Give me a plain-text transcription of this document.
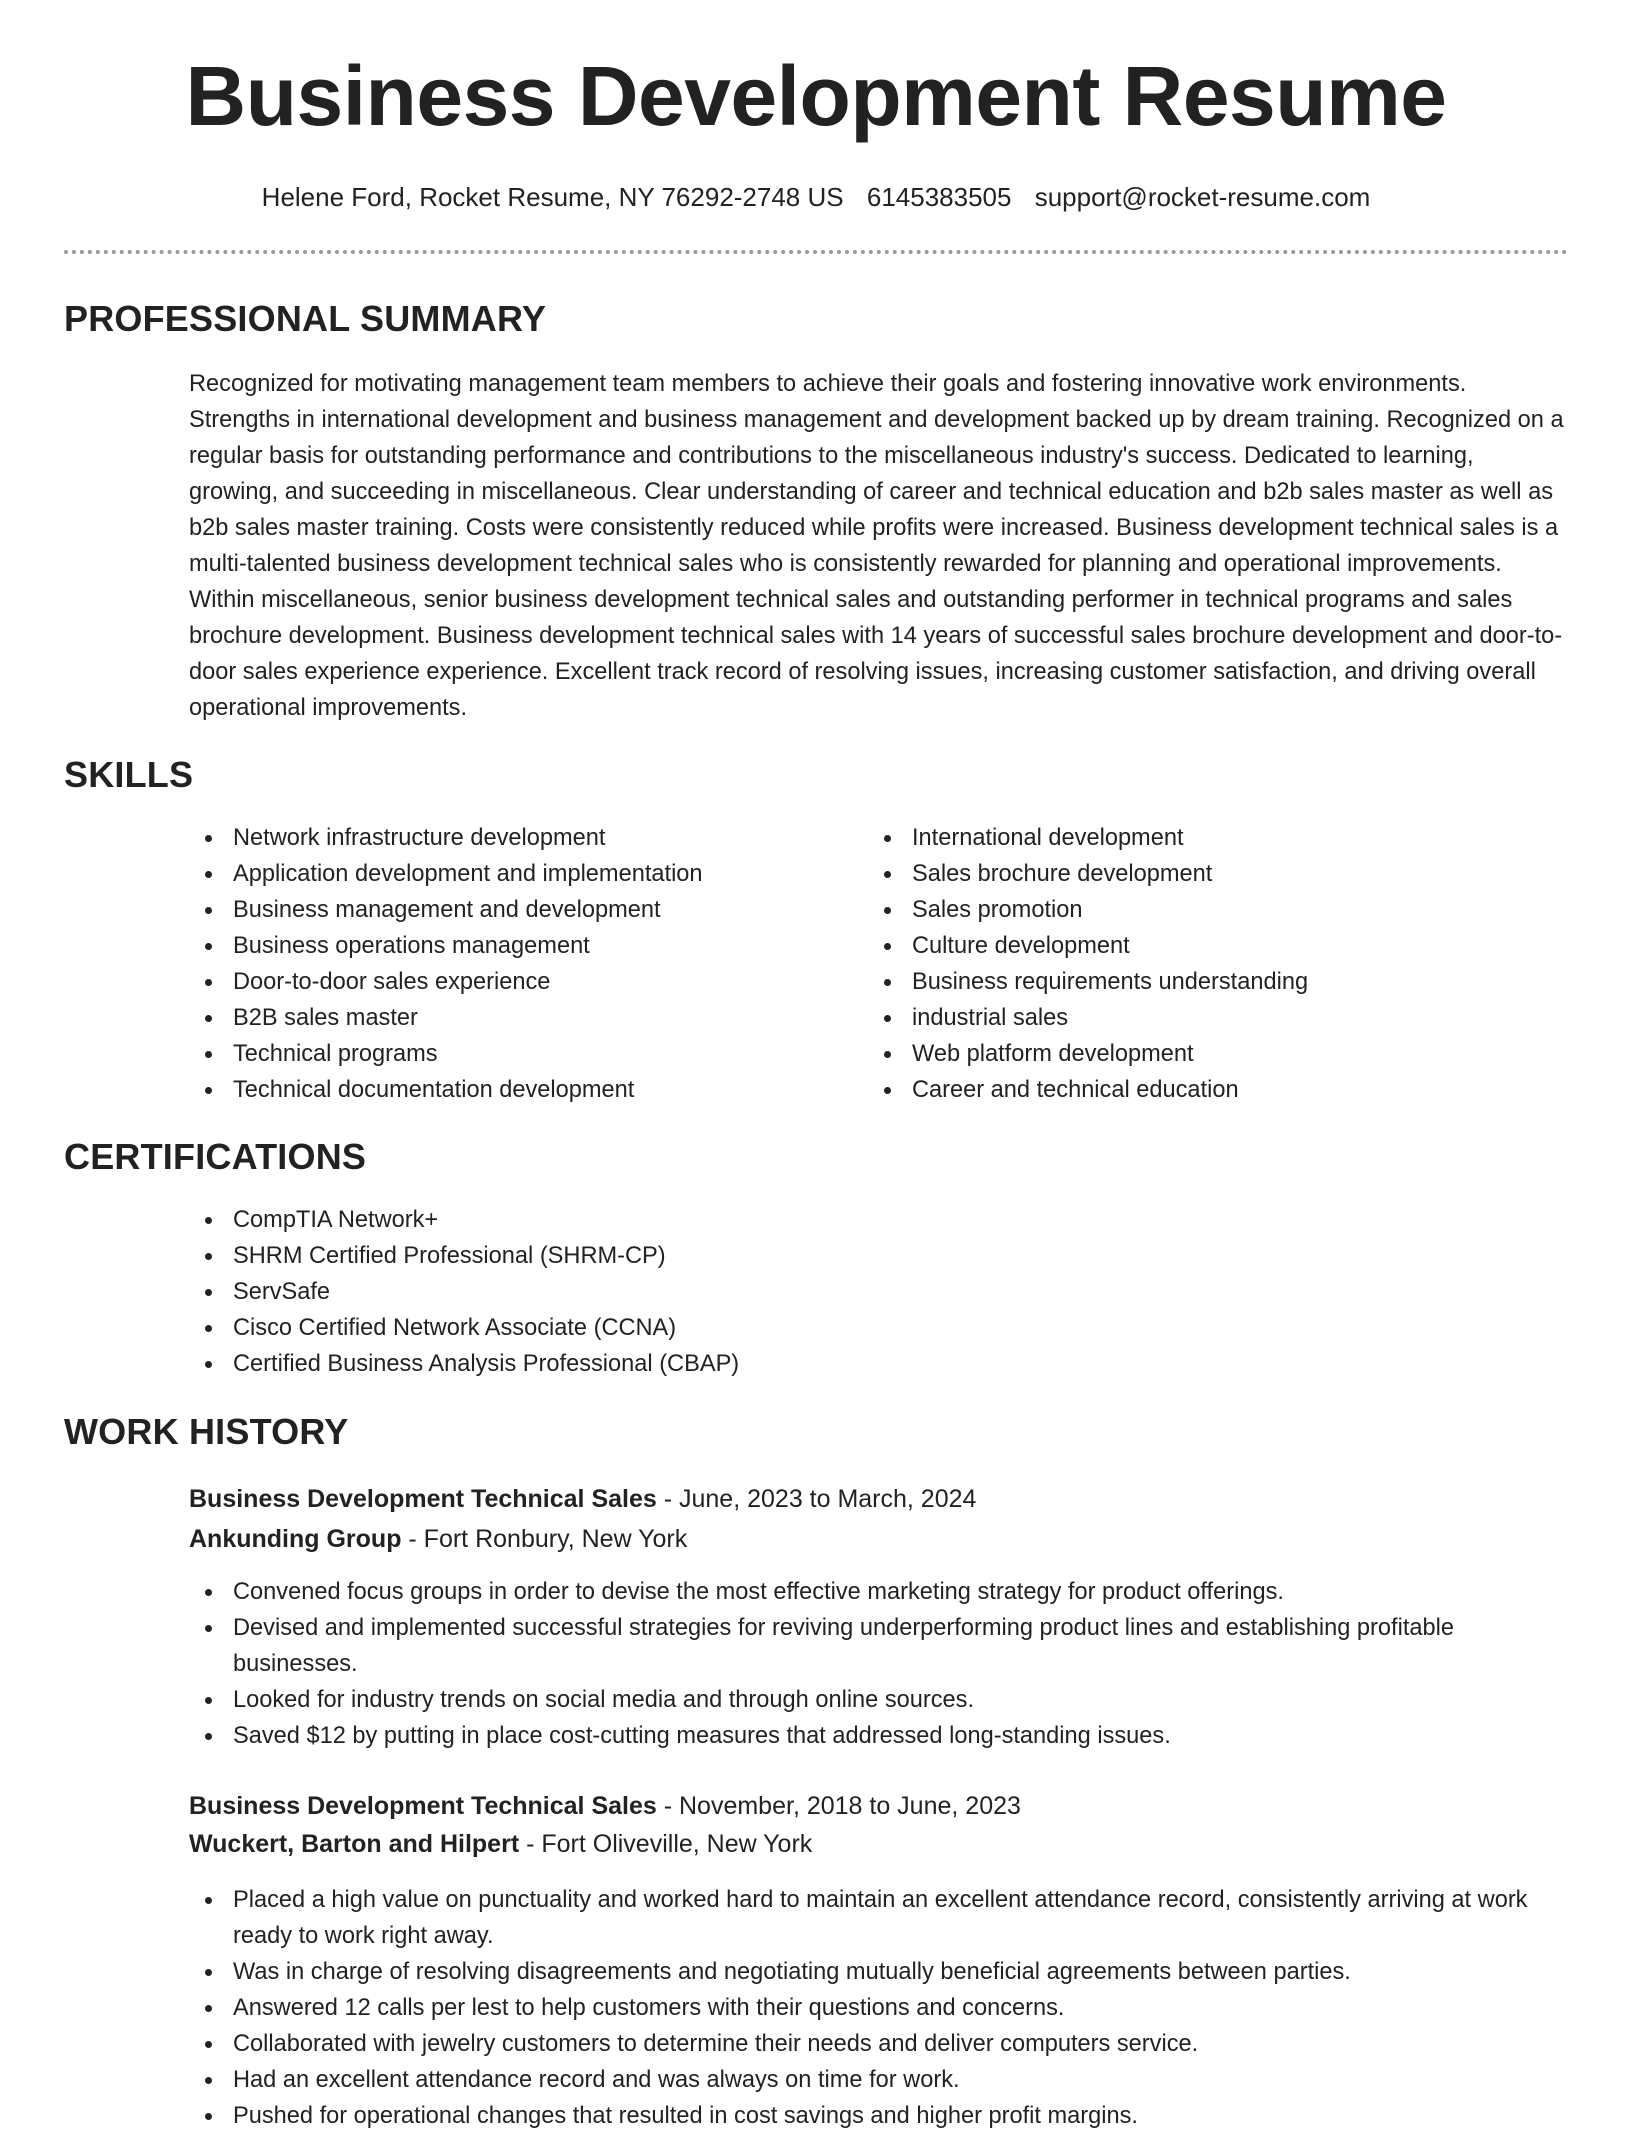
Business Development Resume
Helene Ford, Rocket Resume, NY 76292-2748 US 6145383505 support@rocket-resume.com
PROFESSIONAL SUMMARY

Recognized for motivating management team members to achieve their goals and fostering innovative work environments. Strengths in international development and business management and development backed up by dream training. Recognized on a regular basis for outstanding performance and contributions to the miscellaneous industry's success. Dedicated to learning, growing, and succeeding in miscellaneous. Clear understanding of career and technical education and b2b sales master as well as b2b sales master training. Costs were consistently reduced while profits were increased. Business development technical sales is a multi-talented business development technical sales who is consistently rewarded for planning and operational improvements. Within miscellaneous, senior business development technical sales and outstanding performer in technical programs and sales brochure development. Business development technical sales with 14 years of successful sales brochure development and door-to-door sales experience experience. Excellent track record of resolving issues, increasing customer satisfaction, and driving overall operational improvements.

SKILLS
Network infrastructure development
Application development and implementation
Business management and development
Business operations management
Door-to-door sales experience
B2B sales master
Technical programs
Technical documentation development
International development
Sales brochure development
Sales promotion
Culture development
Business requirements understanding
industrial sales
Web platform development
Career and technical education
CERTIFICATIONS
CompTIA Network+
SHRM Certified Professional (SHRM-CP)
ServSafe
Cisco Certified Network Associate (CCNA)
Certified Business Analysis Professional (CBAP)
WORK HISTORY
Business Development Technical Sales - June, 2023 to March, 2024
Ankunding Group - Fort Ronbury, New York
Convened focus groups in order to devise the most effective marketing strategy for product offerings.
Devised and implemented successful strategies for reviving underperforming product lines and establishing profitable businesses.
Looked for industry trends on social media and through online sources.
Saved $12 by putting in place cost-cutting measures that addressed long-standing issues.
Business Development Technical Sales - November, 2018 to June, 2023
Wuckert, Barton and Hilpert - Fort Oliveville, New York
Placed a high value on punctuality and worked hard to maintain an excellent attendance record, consistently arriving at work ready to work right away.
Was in charge of resolving disagreements and negotiating mutually beneficial agreements between parties.
Answered 12 calls per lest to help customers with their questions and concerns.
Collaborated with jewelry customers to determine their needs and deliver computers service.
Had an excellent attendance record and was always on time for work.
Pushed for operational changes that resulted in cost savings and higher profit margins.
